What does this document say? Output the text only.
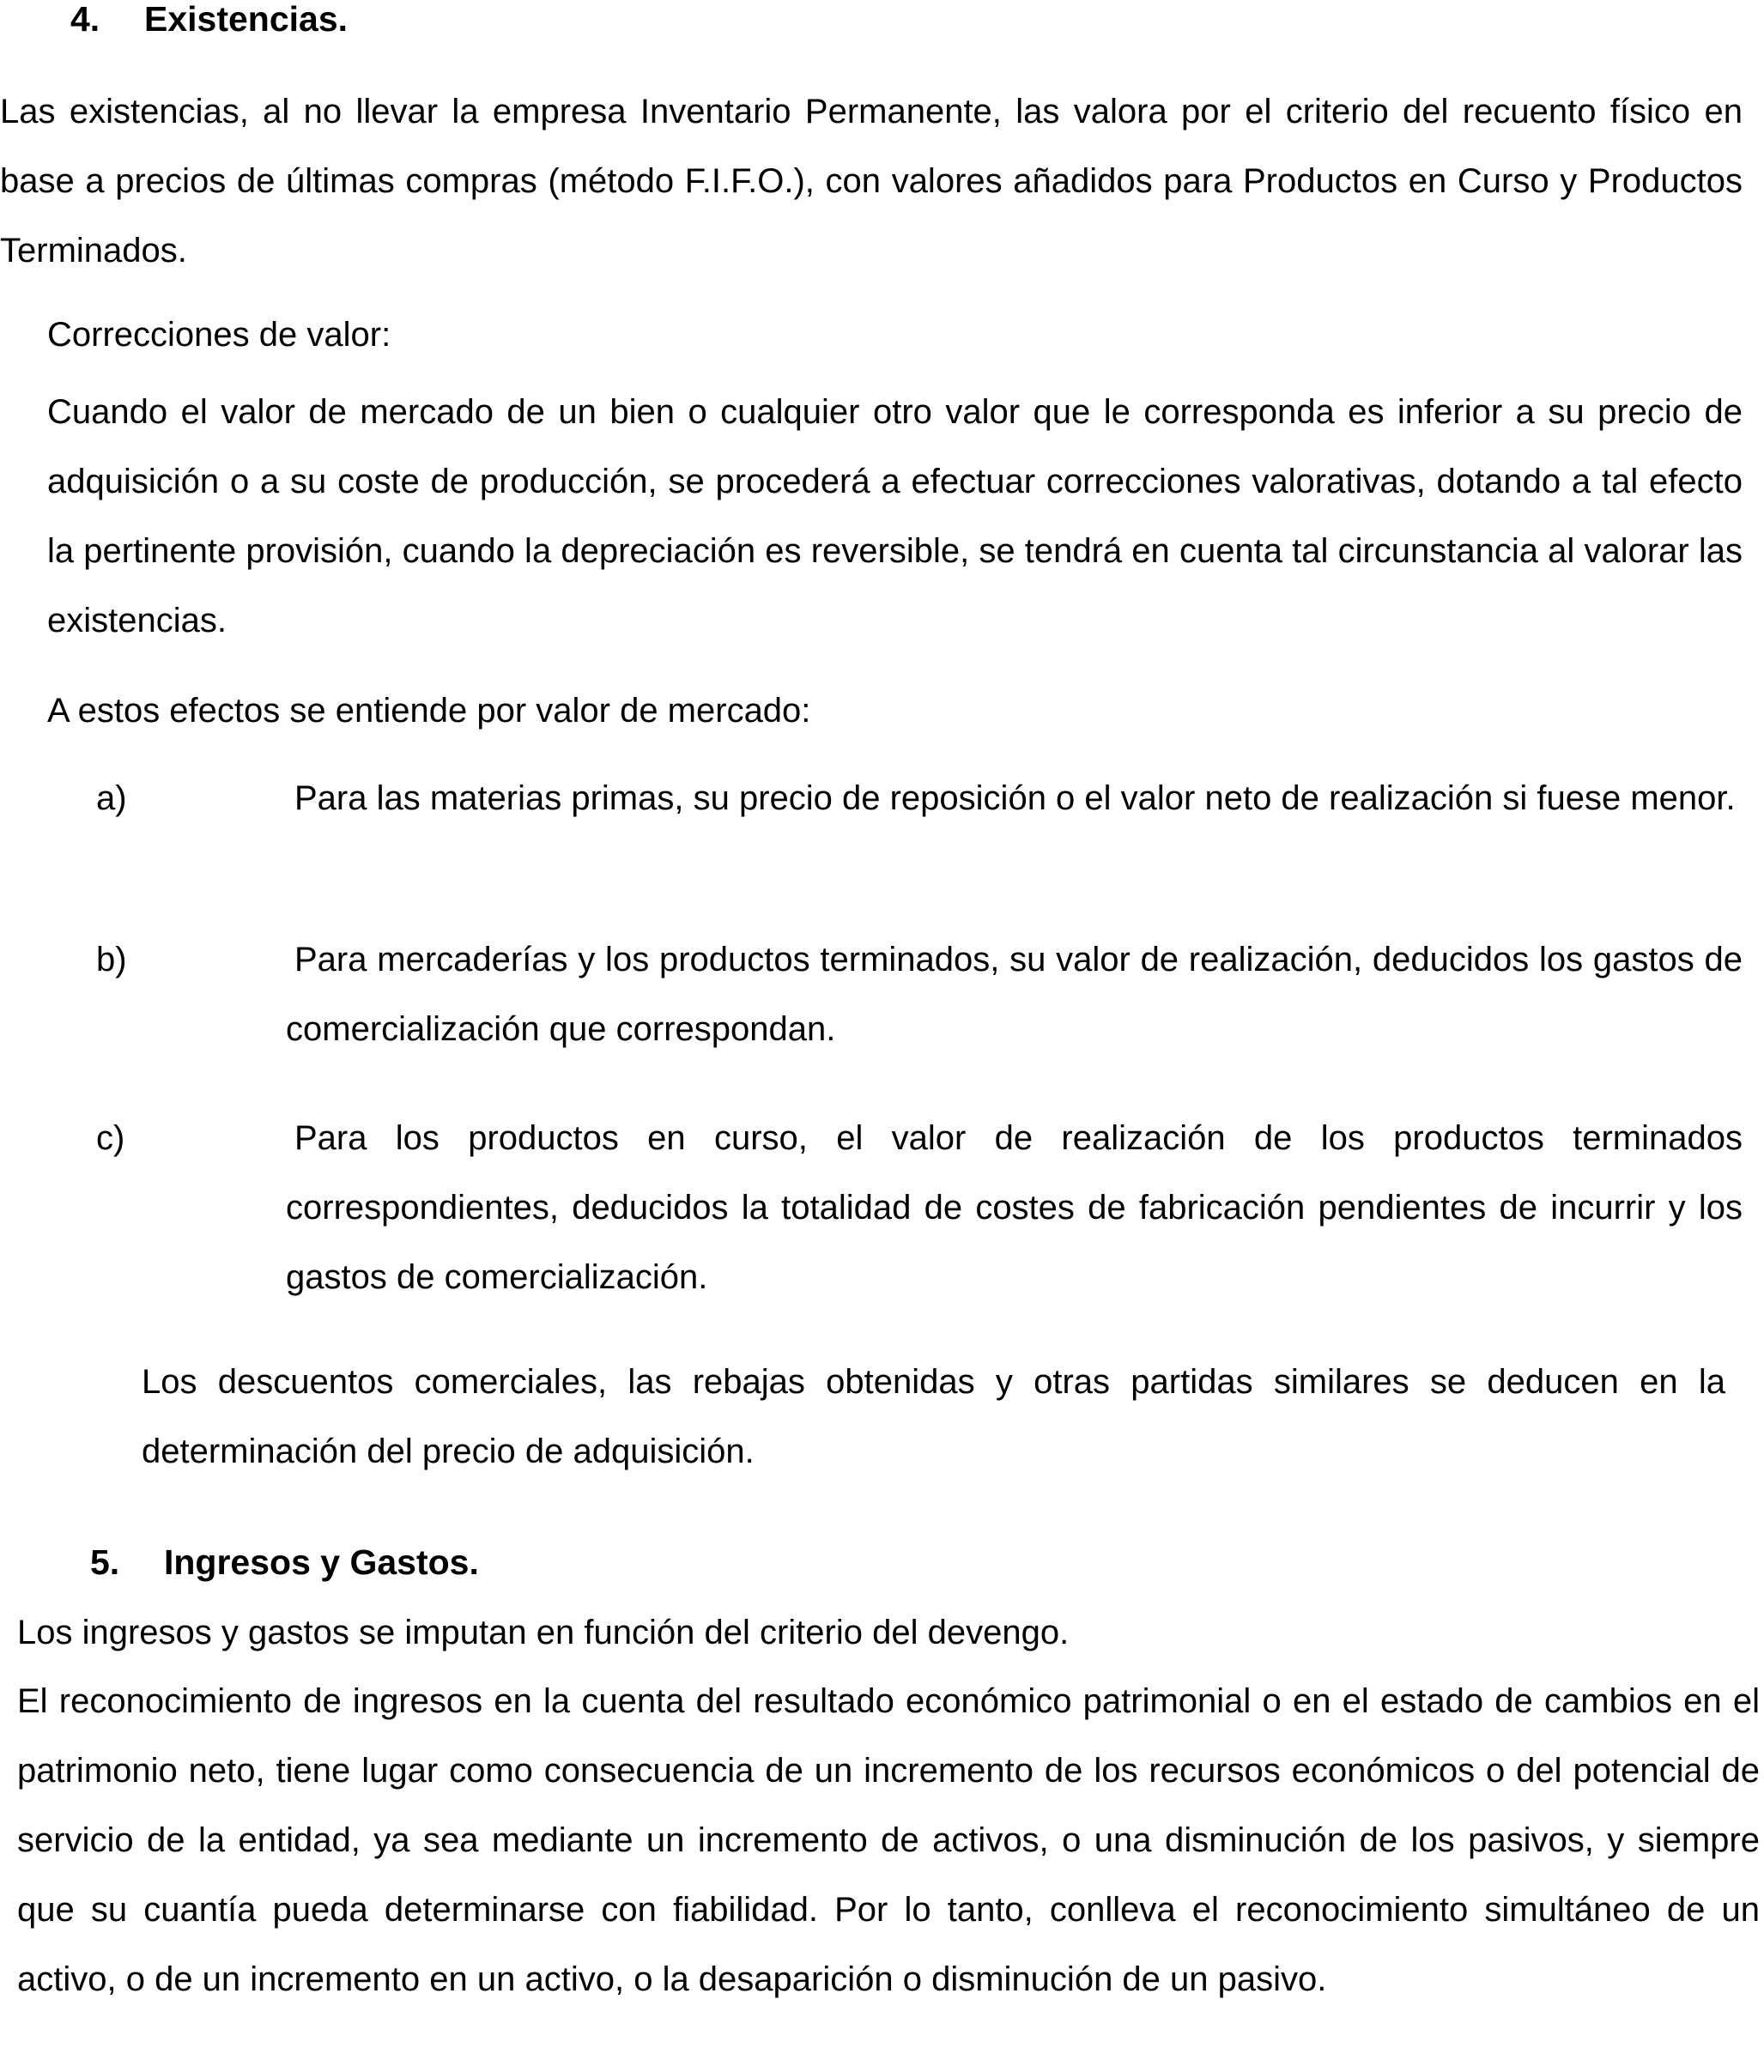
4. Existencias.

Las existencias, al no llevar la empresa Inventario Permanente, las valora por el criterio del recuento físico en base a precios de últimas compras (método F.I.F.O.), con valores añadidos para Productos en Curso y Productos Terminados.

Correcciones de valor:

Cuando el valor de mercado de un bien o cualquier otro valor que le corresponda es inferior a su precio de adquisición o a su coste de producción, se procederá a efectuar correcciones valorativas, dotando a tal efecto la pertinente provisión, cuando la depreciación es reversible, se tendrá en cuenta tal circunstancia al valorar las existencias.

A estos efectos se entiende por valor de mercado:

a)	Para las materias primas, su precio de reposición o el valor neto de realización si fuese menor.

b)	Para mercaderías y los productos terminados, su valor de realización, deducidos los gastos de comercialización que correspondan.

c)	Para los productos en curso, el valor de realización de los productos terminados correspondientes, deducidos la totalidad de costes de fabricación pendientes de incurrir y los gastos de comercialización.

Los descuentos comerciales, las rebajas obtenidas y otras partidas similares se deducen en la determinación del precio de adquisición.

5. Ingresos y Gastos.

Los ingresos y gastos se imputan en función del criterio del devengo.

El reconocimiento de ingresos en la cuenta del resultado económico patrimonial o en el estado de cambios en el patrimonio neto, tiene lugar como consecuencia de un incremento de los recursos económicos o del potencial de servicio de la entidad, ya sea mediante un incremento de activos, o una disminución de los pasivos, y siempre que su cuantía pueda determinarse con fiabilidad. Por lo tanto, conlleva el reconocimiento simultáneo de un activo, o de un incremento en un activo, o la desaparición o disminución de un pasivo.
